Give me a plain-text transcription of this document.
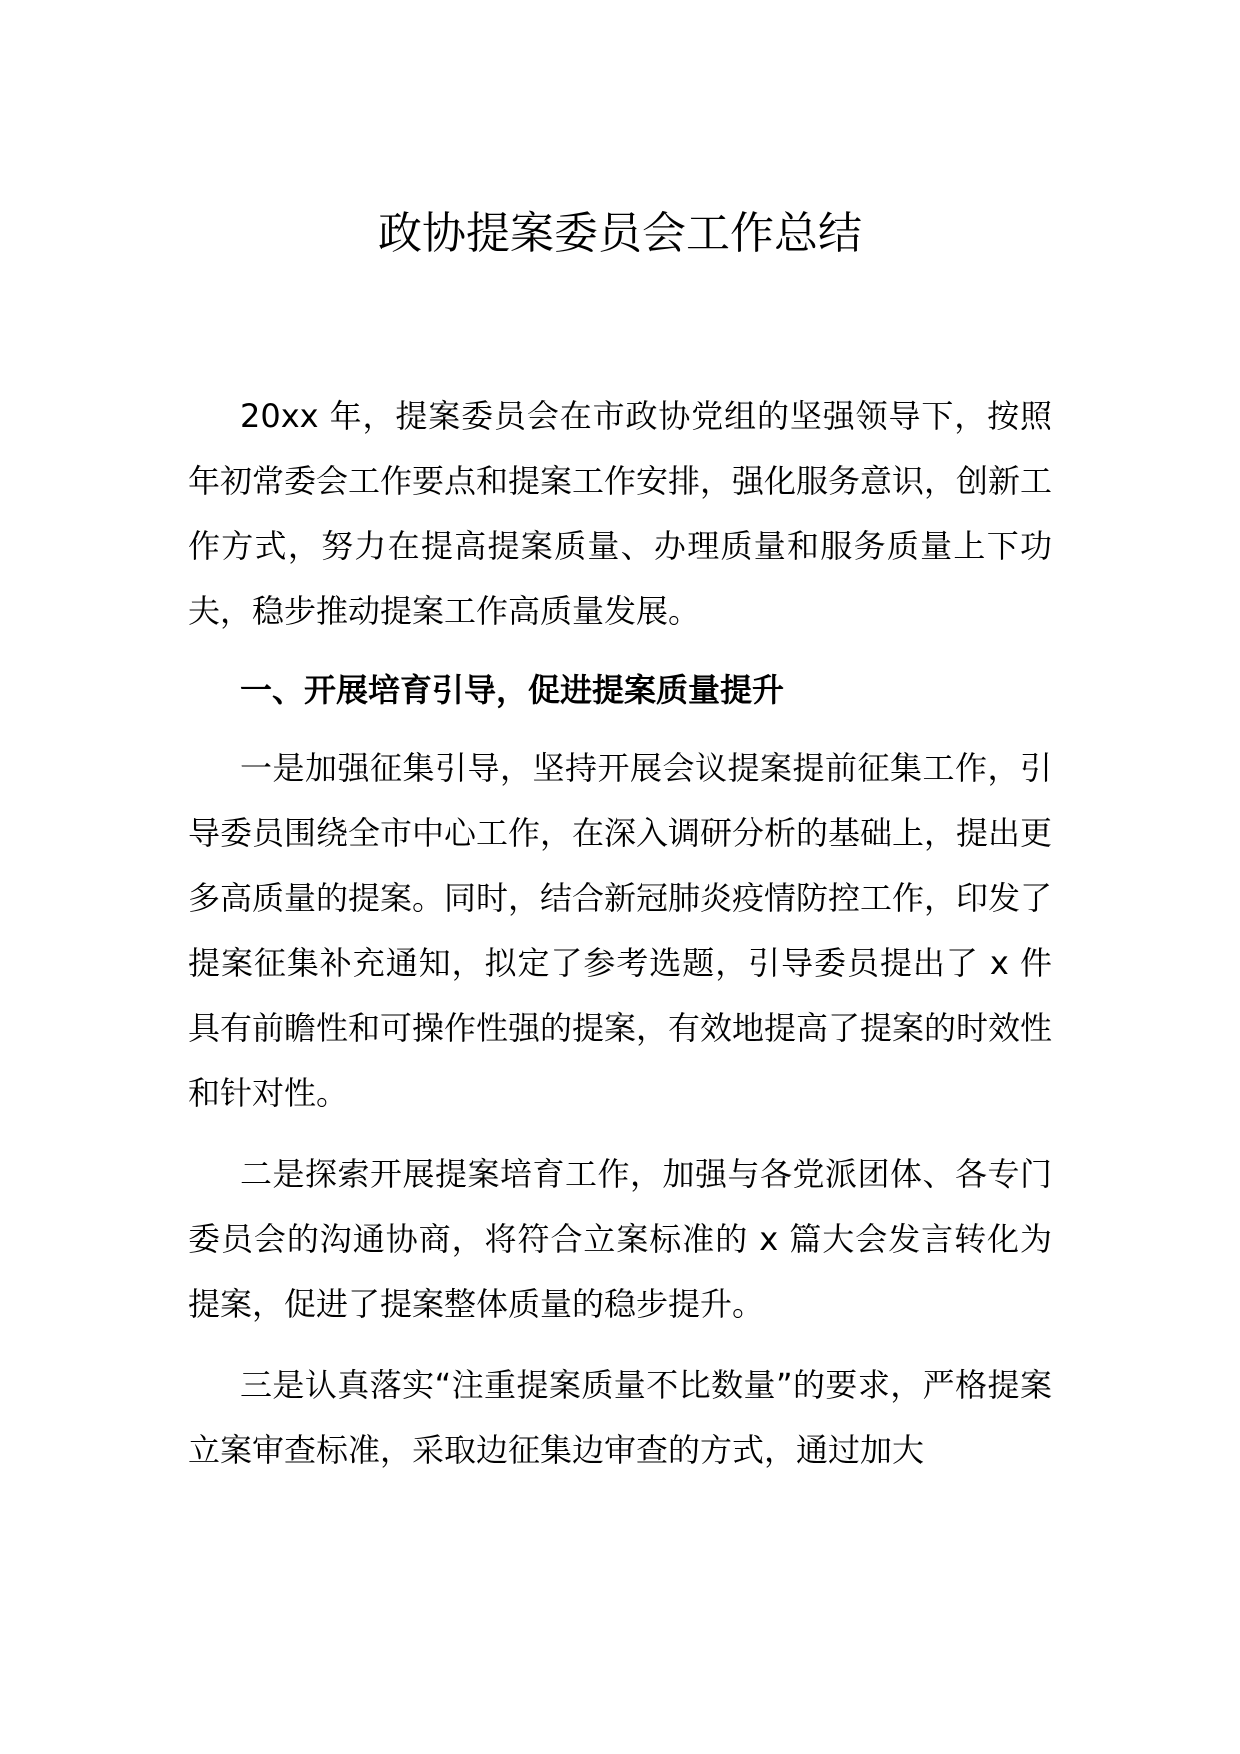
政协提案委员会工作总结

20xx 年，提案委员会在市政协党组的坚强领导下，按照年初常委会工作要点和提案工作安排，强化服务意识，创新工作方式，努力在提高提案质量、办理质量和服务质量上下功夫，稳步推动提案工作高质量发展。

一、开展培育引导，促进提案质量提升

一是加强征集引导，坚持开展会议提案提前征集工作，引导委员围绕全市中心工作，在深入调研分析的基础上，提出更多高质量的提案。同时，结合新冠肺炎疫情防控工作，印发了提案征集补充通知，拟定了参考选题，引导委员提出了 x 件具有前瞻性和可操作性强的提案，有效地提高了提案的时效性和针对性。

二是探索开展提案培育工作，加强与各党派团体、各专门委员会的沟通协商，将符合立案标准的 x 篇大会发言转化为提案，促进了提案整体质量的稳步提升。

三是认真落实“注重提案质量不比数量”的要求，严格提案立案审查标准，采取边征集边审查的方式，通过加大
